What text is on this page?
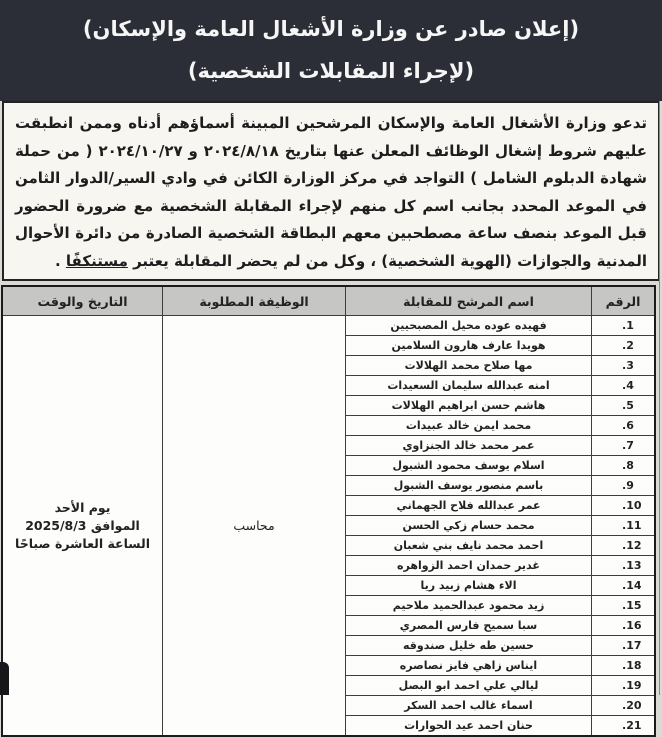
(إعلان صادر عن وزارة الأشغال العامة والإسكان)
(لإجراء المقابلات الشخصية)

تدعو وزارة الأشغال العامة والإسكان المرشحين المبينة أسماؤهم أدناه وممن انطبقت عليهم شروط إشغال الوظائف المعلن عنها بتاريخ ٢٠٢٤/٨/١٨ و ٢٠٢٤/١٠/٢٧ ( من حملة شهادة الدبلوم الشامل ) التواجد في مركز الوزارة الكائن في وادي السير/الدوار الثامن في الموعد المحدد بجانب اسم كل منهم لإجراء المقابلة الشخصية مع ضرورة الحضور قبل الموعد بنصف ساعة مصطحبين معهم البطاقة الشخصية الصادرة من دائرة الأحوال المدنية والجوازات (الهوية الشخصية) ، وكل من لم يحضر المقابلة يعتبر مستنكفًا .

الرقم	اسم المرشح للمقابلة	الوظيفة المطلوبة	التاريخ والوقت
1.	فهيده عوده محيل المصبحيين	محاسب	يوم الأحد
الموافق 2025/8/3
الساعة العاشرة صباحًا

2.	هويدا عارف هارون السلامين		
3.	مها صلاح محمد الهلالات		
4.	امنه عبدالله سليمان السعيدات		
5.	هاشم حسن ابراهيم الهلالات		
6.	محمد ايمن خالد عبيدات		
7.	عمر محمد خالد الجنزاوي		
8.	اسلام يوسف محمود الشبول		
9.	باسم منصور يوسف الشبول		
10.	عمر عبدالله فلاح الجهماني		
11.	محمد حسام زكي الحسن		
12.	احمد محمد نايف بني شعبان		
13.	غدير حمدان احمد الزواهره		
14.	الاء هشام زبيد ريا		
15.	زيد محمود عبدالحميد ملاحيم		
16.	سبا سميح فارس المصري		
17.	حسين طه خليل صندوقه		
18.	ايناس زاهي فايز نصاصره		
19.	ليالي علي احمد ابو البصل		
20.	اسماء غالب احمد السكر		
21.	حنان احمد عيد الحوارات		
